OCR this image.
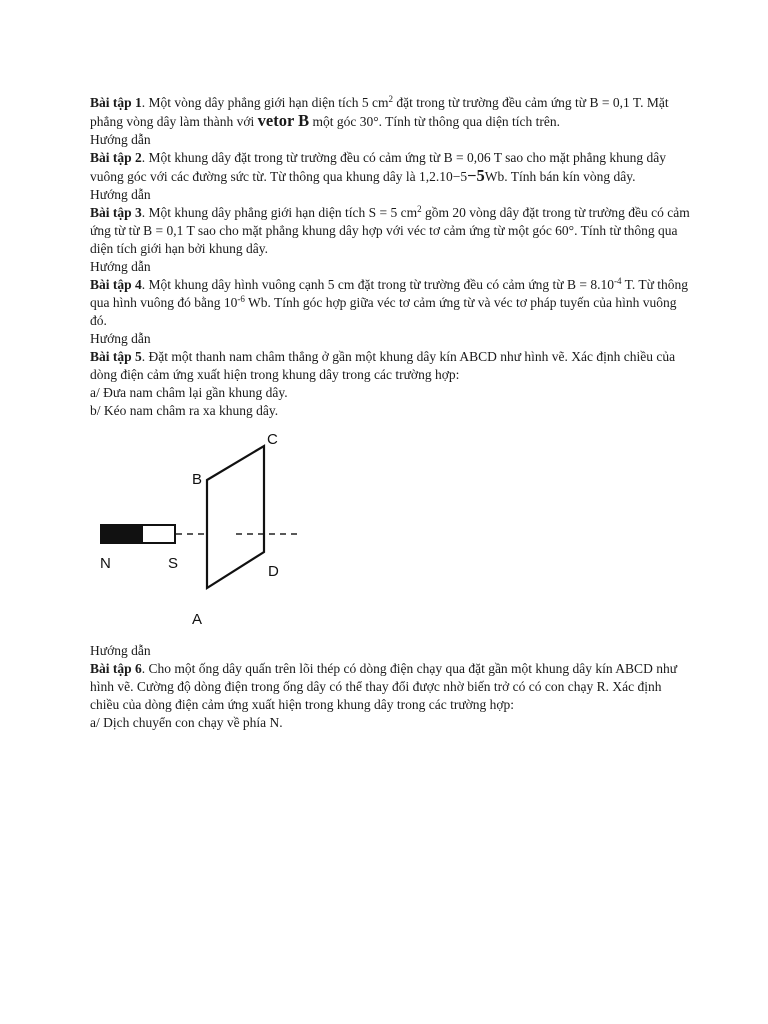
Bài tập 1. Một vòng dây phẳng giới hạn diện tích 5 $cm^2$ đặt trong từ trường đều cảm ứng từ B = 0,1 T. Mặt phẳng vòng dây làm thành với vetor B một góc 30°. Tính từ thông qua diện tích trên.

Hướng dẫn

Bài tập 2. Một khung dây đặt trong từ trường đều có cảm ứng từ B = 0,06 T sao cho mặt phẳng khung dây vuông góc với các đường sức từ. Từ thông qua khung dây là 1,2.10−5−5Wb. Tính bán kín vòng dây.

Hướng dẫn

Bài tập 3. Một khung dây phẳng giới hạn diện tích S = 5 $cm^2$ gồm 20 vòng dây đặt trong từ trường đều có cảm ứng từ từ B = 0,1 T sao cho mặt phẳng khung dây hợp với véc tơ cảm ứng từ một góc 60°. Tính từ thông qua diện tích giới hạn bởi khung dây.

Hướng dẫn

Bài tập 4. Một khung dây hình vuông cạnh 5 cm đặt trong từ trường đều có cảm ứng từ $B = 8.10^{-4}$ T. Từ thông qua hình vuông đó bằng $10^{-6}$ Wb. Tính góc hợp giữa véc tơ cảm ứng từ và véc tơ pháp tuyến của hình vuông đó.

Hướng dẫn

Bài tập 5. Đặt một thanh nam châm thẳng ở gần một khung dây kín ABCD như hình vẽ. Xác định chiều của dòng điện cảm ứng xuất hiện trong khung dây trong các trường hợp:

a/ Đưa nam châm lại gần khung dây.

b/ Kéo nam châm ra xa khung dây.

N	S
B
C
D
A

Hướng dẫn

Bài tập 6. Cho một ống dây quấn trên lõi thép có dòng điện chạy qua đặt gần một khung dây kín ABCD như hình vẽ. Cường độ dòng điện trong ống dây có thể thay đổi được nhờ biến trở có có con chạy R. Xác định chiều của dòng điện cảm ứng xuất hiện trong khung dây trong các trường hợp:

a/ Dịch chuyển con chạy về phía N.
